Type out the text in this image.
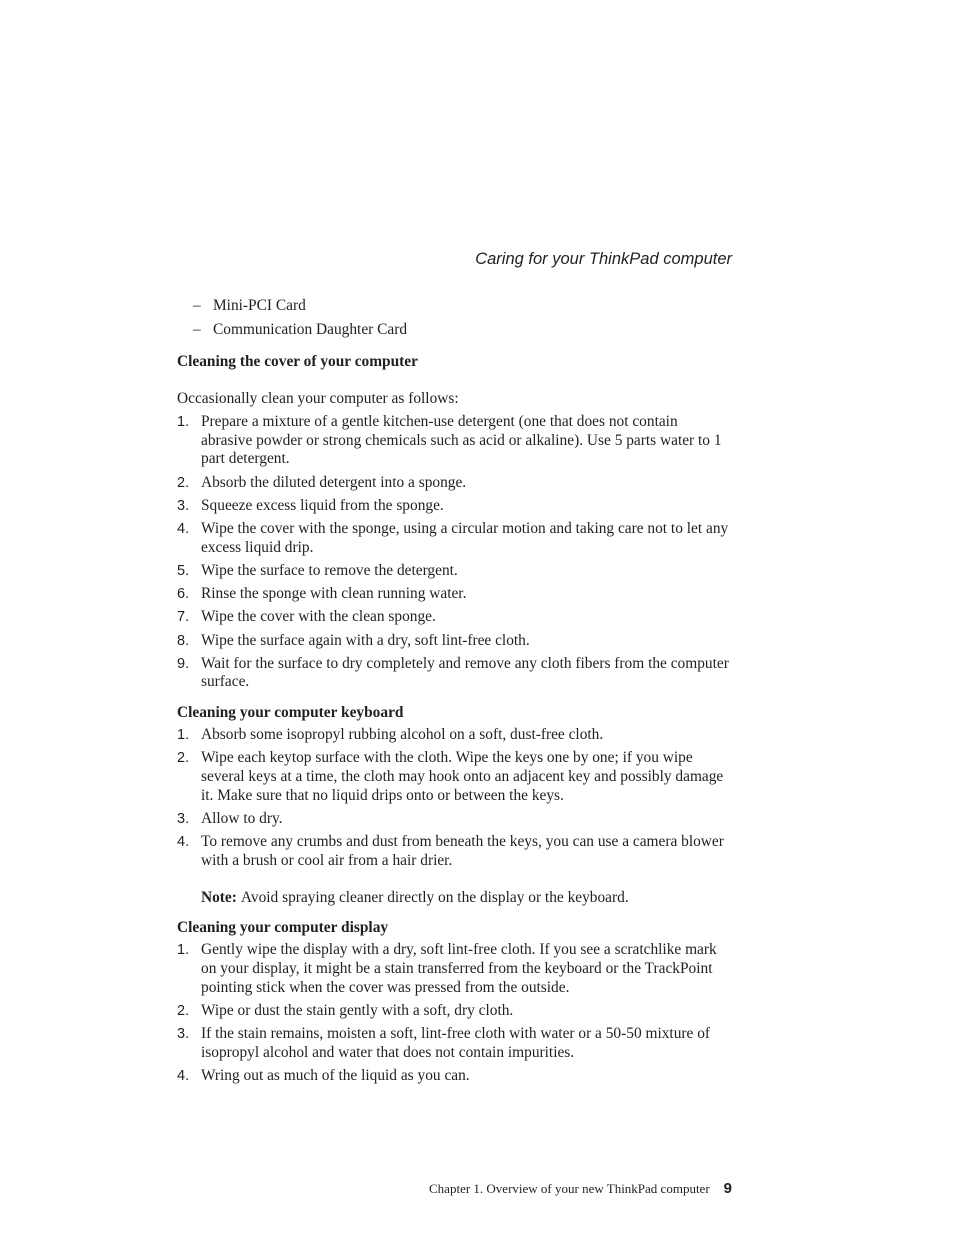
Caring for your ThinkPad computer
– Mini-PCI Card
– Communication Daughter Card
Cleaning the cover of your computer
Occasionally clean your computer as follows:
1. Prepare a mixture of a gentle kitchen-use detergent (one that does not contain abrasive powder or strong chemicals such as acid or alkaline). Use 5 parts water to 1 part detergent.
2. Absorb the diluted detergent into a sponge.
3. Squeeze excess liquid from the sponge.
4. Wipe the cover with the sponge, using a circular motion and taking care not to let any excess liquid drip.
5. Wipe the surface to remove the detergent.
6. Rinse the sponge with clean running water.
7. Wipe the cover with the clean sponge.
8. Wipe the surface again with a dry, soft lint-free cloth.
9. Wait for the surface to dry completely and remove any cloth fibers from the computer surface.
Cleaning your computer keyboard
1. Absorb some isopropyl rubbing alcohol on a soft, dust-free cloth.
2. Wipe each keytop surface with the cloth. Wipe the keys one by one; if you wipe several keys at a time, the cloth may hook onto an adjacent key and possibly damage it. Make sure that no liquid drips onto or between the keys.
3. Allow to dry.
4. To remove any crumbs and dust from beneath the keys, you can use a camera blower with a brush or cool air from a hair drier.
Note: Avoid spraying cleaner directly on the display or the keyboard.
Cleaning your computer display
1. Gently wipe the display with a dry, soft lint-free cloth. If you see a scratchlike mark on your display, it might be a stain transferred from the keyboard or the TrackPoint pointing stick when the cover was pressed from the outside.
2. Wipe or dust the stain gently with a soft, dry cloth.
3. If the stain remains, moisten a soft, lint-free cloth with water or a 50-50 mixture of isopropyl alcohol and water that does not contain impurities.
4. Wring out as much of the liquid as you can.
Chapter 1. Overview of your new ThinkPad computer 9
